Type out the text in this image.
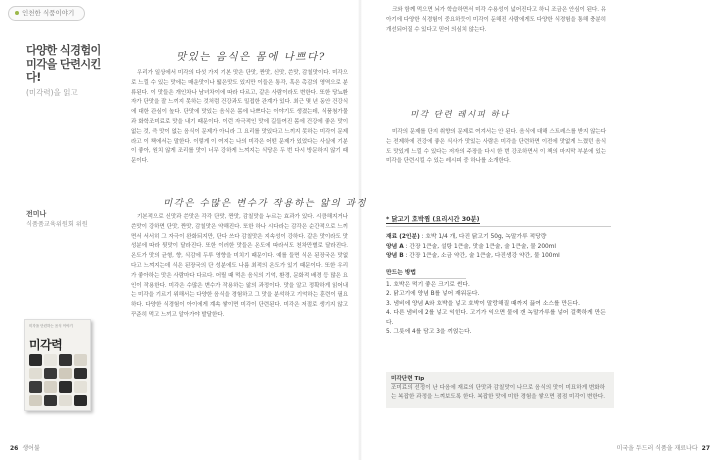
인천한 식품이야기
다양한 식경험이
미각을 단련시킨다!
(미각력)을 읽고
전미나
식품품교육위원회 위원
미각을 단련하는 음식 이야기
미각력
맛있는 음식은 몸에 나쁘다?

우리가 일상에서 미각의 다섯 가지 기본 맛은 단맛, 짠맛, 신맛, 쓴맛, 감칠맛이다. 미각으로 느낄 수 있는 맛에는 매운맛이나 떫은맛도 있지만 이들은 통각, 혹은 촉감의 영역으로 분류된다. 이 맛들은 개인차나 남녀차이에 따라 다르고, 같은 사람이라도 변한다. 또한 당뇨환자가 단맛을 잘 느끼지 못하는 것처럼 건강과도 밀접한 관계가 있다. 최근 몇 년 동안 건강식에 대한 관심이 높다. 단맛에 맛있는 음식은 몸에 나쁘다는 이야기도 생겼는데, 식품첨가물과 화학조미료로 맛을 내기 때문이다. 이런 자극적인 맛에 길들여진 몸에 건강에 좋은 맛이 없는 것, 즉 맛이 없는 음식이 문제가 아니라 그 요리를 맛있다고 느끼지 못하는 미각이 문제라고 이 책에서는 말한다. 이렇게 이 여지는 나의 미각은 어떤 문제가 있었다는 사실에 기분이 좋아, 원치 않게 조리를 맛이 너무 강하게 느껴지는 식당은 두 번 다시 방문하지 않기 때문이다.

미각은 수많은 변수가 작용하는 앎의 과정

기본적으로 신맛과 쓴맛은 각각 단맛, 짠맛, 감칠맛을 누르는 효과가 있다. 시큼해지거나 쓴맛이 강하면 단맛, 짠맛, 감칠맛은 약해진다. 또한 하나 시다라는 감각은 순간적으로 느끼면서 서서히 그 자극이 완화되지만, 단다 쓰다 감칠맛은 지속성이 강하다. 같은 맛이라도 맛 성분에 따라 뒷맛이 달라진다. 또한 이러한 맛들은 온도에 따라서도 천차만별로 달라진다. 온도가 맛의 균형, 향, 식감에 두루 영향을 미치기 때문이다. 예를 들면 식은 된장국은 맛없다고 느껴지는데 식은 된장국의 단 성분에도 나름 최적의 온도가 있기 때문이다. 또한 우리가 좋아하는 맛은 사람마다 다르다. 어릴 때 먹은 음식의 기억, 환경, 문화적 배경 등 많은 요인이 작용한다. 미각은 수많은 변수가 작용하는 앎의 과정이다. 맛을 알고 정확하게 읽어내는 미각을 기르기 위해서는 다양한 음식을 경험하고 그 맛을 분석하고 기억하는 훈련이 필요하다. 다양한 식경험이 아이에게 계속 쌓이면 미각이 단련된다. 미각은 저절로 생기지 않고 꾸준히 먹고 느끼고 알아가야 발달한다.

크와 함께 먹으면 뇌가 학습하면서 미각 수용성이 넓어진다고 하니 조금은 안심이 된다. 유아기에 다양한 식경험이 중요하듯이 미각이 둔해진 사람에게도 다양한 식경험을 통해 충분히 개선되어질 수 있다고 믿어 의심치 않는다.

미각 단련 레시피 하나

미각의 문제를 단지 취향의 문제로 여겨서는 안 된다. 음식에 대해 스트레스를 받지 않는다는 전제하에 건강에 좋은 식사가 맛있는 사람은 미각을 단련하면 이전에 맛없게 느꼈던 음식도 맛있게 느낄 수 있다는 저자의 주장을 다시 한 번 강조하면서 이 책의 마지막 부분에 있는 미각을 단련시킬 수 있는 레시피 중 하나를 소개한다.

* 닭고기 호박찜 (요리시간 30분)
재료 (2인분) : 호박 1/4 개, 다진 닭고기 50g, 녹말가루 적당량
양념 A : 간장 1큰술, 설탕 1큰술, 맛술 1큰술, 술 1큰술, 물 200ml
양념 B : 간장 1큰술, 소금 약간, 술 1큰술, 다진생강 약간, 물 100ml
만드는 방법
1. 호박은 먹기 좋은 크기로 썬다.
2. 닭고기에 양념 B를 넣어 재워둔다.
3. 냄비에 양념 A와 호박을 넣고 호박이 말랑해질 때까지 끓여 소스를 만든다.
4. 다른 냄비에 2를 넣고 익힌다. 고기가 익으면 물에 갠 녹말가루를 넣어 걸쭉하게 만든다.
5. 그릇에 4를 담고 3을 끼얹는다.
미각단련 Tip
조미료의 선정이 난 다음에 재료의 단맛과 감칠맛이 나므로 음식의 맛이 미묘하게 변화하는 복잡한 과정을 느껴보도록 한다. 복잡한 맛에 미한 경험을 쌓으면 점점 미각이 변한다.
26 생어불	미국을 두드러 식품을 재료나다 27
